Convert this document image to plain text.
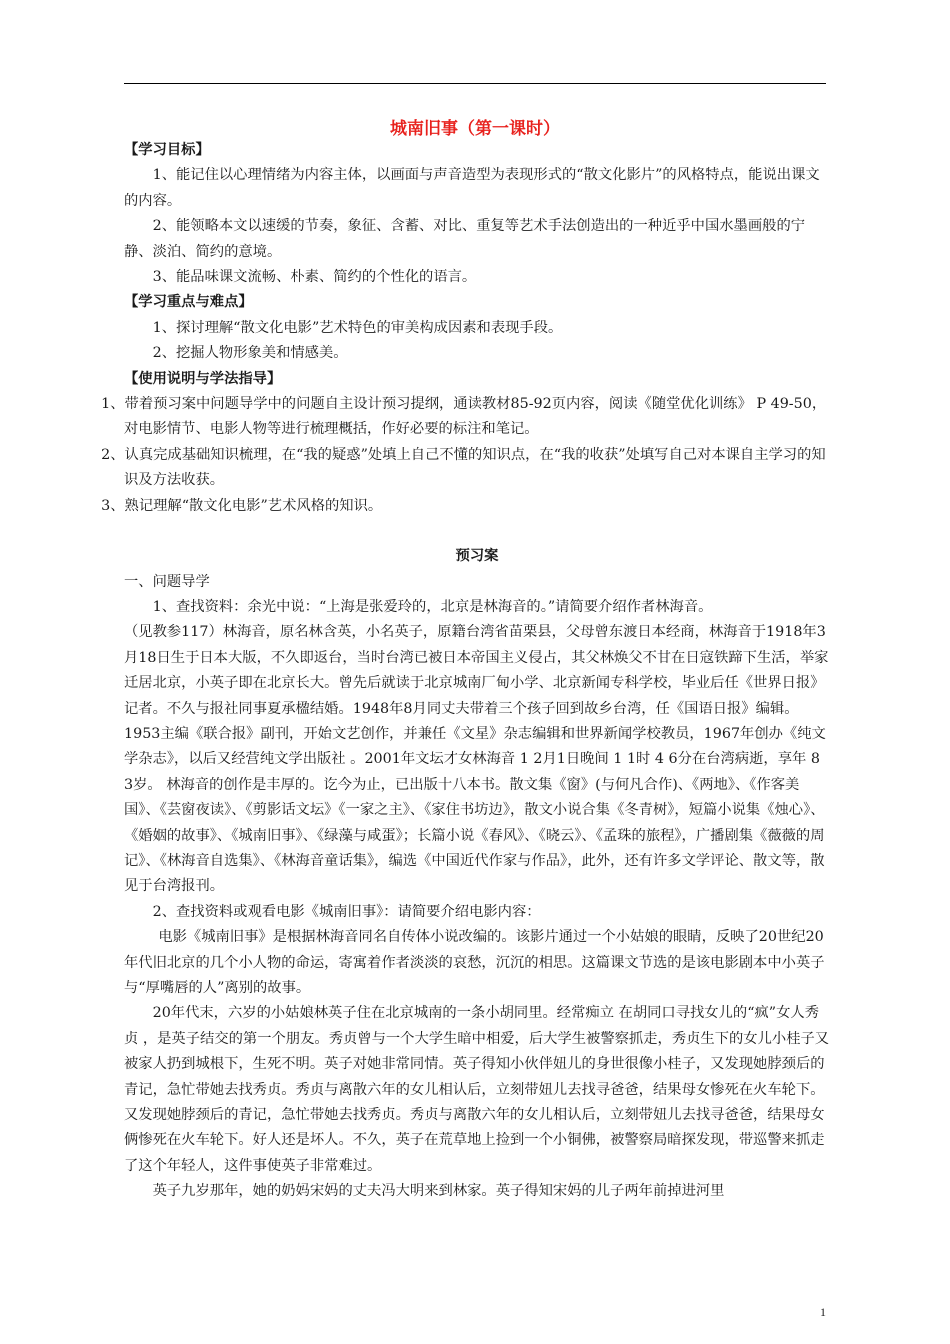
城南旧事（第一课时）

【学习目标】

1、能记住以心理情绪为内容主体，以画面与声音造型为表现形式的“散文化影片”的风格特点，能说出课文的内容。

2、能领略本文以速缓的节奏，象征、含蓄、对比、重复等艺术手法创造出的一种近乎中国水墨画般的宁静、淡泊、简约的意境。

3、能品味课文流畅、朴素、简约的个性化的语言。

【学习重点与难点】

1、探讨理解“散文化电影”艺术特色的审美构成因素和表现手段。

2、挖掘人物形象美和情感美。

【使用说明与学法指导】

1、带着预习案中问题导学中的问题自主设计预习提纲，通读教材85-92页内容，阅读《随堂优化训练》 P 49-50，对电影情节、电影人物等进行梳理概括，作好必要的标注和笔记。

2、认真完成基础知识梳理，在“我的疑惑”处填上自己不懂的知识点，在“我的收获”处填写自己对本课自主学习的知识及方法收获。

3、熟记理解“散文化电影”艺术风格的知识。

预习案

一、问题导学

1、查找资料：余光中说：“上海是张爱玲的，北京是林海音的。”请简要介绍作者林海音。

（见教参117）林海音，原名林含英，小名英子，原籍台湾省苗栗县，父母曾东渡日本经商，林海音于1918年3月18日生于日本大版，不久即返台，当时台湾已被日本帝国主义侵占，其父林焕父不甘在日寇铁蹄下生活，举家迁居北京，小英子即在北京长大。曾先后就读于北京城南厂甸小学、北京新闻专科学校，毕业后任《世界日报》记者。不久与报社同事夏承楹结婚。1948年8月同丈夫带着三个孩子回到故乡台湾，任《国语日报》编辑。1953主编《联合报》副刊，开始文艺创作，并兼任《文星》杂志编辑和世界新闻学校教员，1967年创办《纯文学杂志》，以后又经营纯文学出版社 。2001年文坛才女林海音 1 2月1日晚间 1 1时 4 6分在台湾病逝，享年 8 3岁。 林海音的创作是丰厚的。讫今为止，已出版十八本书。散文集《窗》(与何凡合作)、《两地》、《作客美国》、《芸窗夜读》、《剪影话文坛》《一家之主》、《家住书坊边》，散文小说合集《冬青树》，短篇小说集《烛心》、《婚姻的故事》、《城南旧事》、《绿藻与咸蛋》；长篇小说《春风》、《晓云》、《孟珠的旅程》，广播剧集《薇薇的周记》、《林海音自选集》、《林海音童话集》，编选《中国近代作家与作品》，此外，还有许多文学评论、散文等，散见于台湾报刊。

2、查找资料或观看电影《城南旧事》：请简要介绍电影内容：

电影《城南旧事》是根据林海音同名自传体小说改编的。该影片通过一个小姑娘的眼睛，反映了20世纪20年代旧北京的几个小人物的命运，寄寓着作者淡淡的哀愁，沉沉的相思。这篇课文节选的是该电影剧本中小英子与“厚嘴唇的人”离别的故事。

20年代末，六岁的小姑娘林英子住在北京城南的一条小胡同里。经常痴立 在胡同口寻找女儿的“疯”女人秀贞 ，是英子结交的第一个朋友。秀贞曾与一个大学生暗中相爱，后大学生被警察抓走，秀贞生下的女儿小桂子又被家人扔到城根下，生死不明。英子对她非常同情。英子得知小伙伴妞儿的身世很像小桂子，又发现她脖颈后的青记，急忙带她去找秀贞。秀贞与离散六年的女儿相认后，立刻带妞儿去找寻爸爸，结果母女惨死在火车轮下。又发现她脖颈后的青记，急忙带她去找秀贞。秀贞与离散六年的女儿相认后，立刻带妞儿去找寻爸爸，结果母女俩惨死在火车轮下。好人还是坏人。不久，英子在荒草地上捡到一个小铜佛，被警察局暗探发现，带巡警来抓走了这个年轻人，这件事使英子非常难过。

英子九岁那年，她的奶妈宋妈的丈夫冯大明来到林家。英子得知宋妈的儿子两年前掉进河里

1
